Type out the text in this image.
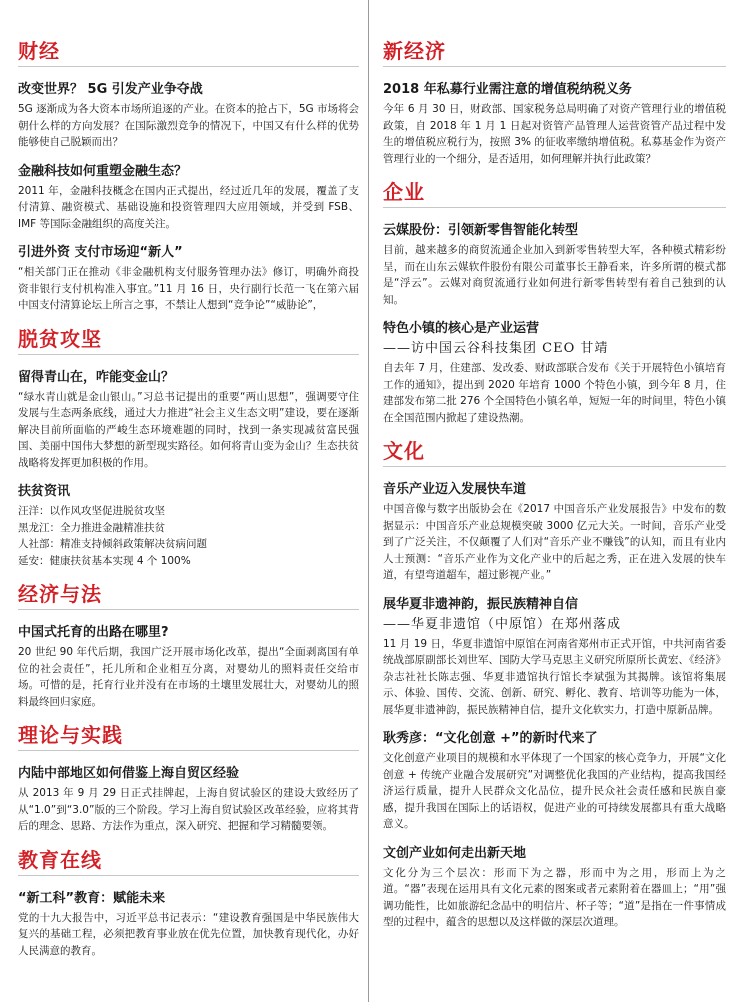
财经
改变世界？ 5G 引发产业争夺战

5G 逐渐成为各大资本市场所追逐的产业。在资本的抢占下，5G 市场将会朝什么样的方向发展？在国际激烈竞争的情况下，中国又有什么样的优势能够使自己脱颖而出？

金融科技如何重塑金融生态？

2011 年，金融科技概念在国内正式提出，经过近几年的发展，覆盖了支付清算、融资模式、基础设施和投资管理四大应用领域，并受到 FSB、IMF 等国际金融组织的高度关注。

引进外资 支付市场迎“新人”

“相关部门正在推动《非金融机构支付服务管理办法》修订，明确外商投资非银行支付机构准入事宜。”11 月 16 日，央行副行长范一飞在第六届中国支付清算论坛上所言之事，不禁让人想到“竞争论”“威胁论”，

脱贫攻坚
留得青山在，咋能变金山？

“绿水青山就是金山银山。”习总书记提出的重要“两山思想”，强调要守住发展与生态两条底线，通过大力推进“社会主义生态文明”建设，要在逐渐解决目前所面临的严峻生态环境难题的同时，找到一条实现减贫富民强国、美丽中国伟大梦想的新型现实路径。如何将青山变为金山？生态扶贫战略将发挥更加积极的作用。

扶贫资讯
汪洋：以作风攻坚促进脱贫攻坚
黑龙江：全力推进金融精准扶贫
人社部：精准支持倾斜政策解决贫病问题
延安：健康扶贫基本实现 4 个 100%
经济与法
中国式托育的出路在哪里?

20 世纪 90 年代后期，我国广泛开展市场化改革，提出“全面剥离国有单位的社会责任”，托儿所和企业相互分离，对婴幼儿的照料责任交给市场。可惜的是，托育行业并没有在市场的土壤里发展壮大，对婴幼儿的照料最终回归家庭。

理论与实践
内陆中部地区如何借鉴上海自贸区经验

从 2013 年 9 月 29 日正式挂牌起，上海自贸试验区的建设大致经历了从“1.0”到“3.0”版的三个阶段。学习上海自贸试验区改革经验，应将其背后的理念、思路、方法作为重点，深入研究、把握和学习精髓要领。

教育在线
“新工科”教育：赋能未来

党的十九大报告中，习近平总书记表示：“建设教育强国是中华民族伟大复兴的基础工程，必须把教育事业放在优先位置，加快教育现代化，办好人民满意的教育。

新经济
2018 年私募行业需注意的增值税纳税义务

今年 6 月 30 日，财政部、国家税务总局明确了对资产管理行业的增值税政策，自 2018 年 1 月 1 日起对资管产品管理人运营资管产品过程中发生的增值税应税行为，按照 3% 的征收率缴纳增值税。私募基金作为资产管理行业的一个细分，是否适用，如何理解并执行此政策？

企业
云媒股份：引领新零售智能化转型

目前，越来越多的商贸流通企业加入到新零售转型大军，各种模式精彩纷呈，而在山东云媒软件股份有限公司董事长王静看来，许多所谓的模式都是“浮云”。云媒对商贸流通行业如何进行新零售转型有着自己独到的认知。

特色小镇的核心是产业运营
——访中国云谷科技集团 CEO 甘靖

自去年 7 月，住建部、发改委、财政部联合发布《关于开展特色小镇培育工作的通知》，提出到 2020 年培育 1000 个特色小镇，到今年 8 月，住建部发布第二批 276 个全国特色小镇名单，短短一年的时间里，特色小镇在全国范围内掀起了建设热潮。

文化
音乐产业迈入发展快车道

中国音像与数字出版协会在《2017 中国音乐产业发展报告》中发布的数据显示：中国音乐产业总规模突破 3000 亿元大关。一时间，音乐产业受到了广泛关注，不仅颠覆了人们对“音乐产业不赚钱”的认知，而且有业内人士预测：“音乐产业作为文化产业中的后起之秀，正在进入发展的快车道，有望弯道超车，超过影视产业。”

展华夏非遗神韵，振民族精神自信
——华夏非遗馆（中原馆）在郑州落成

11 月 19 日，华夏非遗馆中原馆在河南省郑州市正式开馆，中共河南省委统战部原副部长刘世军、国防大学马克思主义研究所原所长黄宏、《经济》杂志社社长陈志强、华夏非遗馆执行馆长李斌强为其揭牌。该馆将集展示、体验、国传、交流、创新、研究、孵化、教育、培训等功能为一体，展华夏非遗神韵，振民族精神自信，提升文化软实力，打造中原新品牌。

耿秀彦：“文化创意 +”的新时代来了

文化创意产业项目的规模和水平体现了一个国家的核心竞争力，开展“文化创意 + 传统产业融合发展研究”对调整优化我国的产业结构，提高我国经济运行质量，提升人民群众文化品位，提升民众社会责任感和民族自豪感，提升我国在国际上的话语权，促进产业的可持续发展都具有重大战略意义。

文创产业如何走出新天地

文化分为三个层次：形而下为之器，形而中为之用，形而上为之道。“器”表现在运用具有文化元素的图案或者元素附着在器皿上；“用”强调功能性，比如旅游纪念品中的明信片、杯子等；“道”是指在一件事情成型的过程中，蕴含的思想以及这样做的深层次道理。
